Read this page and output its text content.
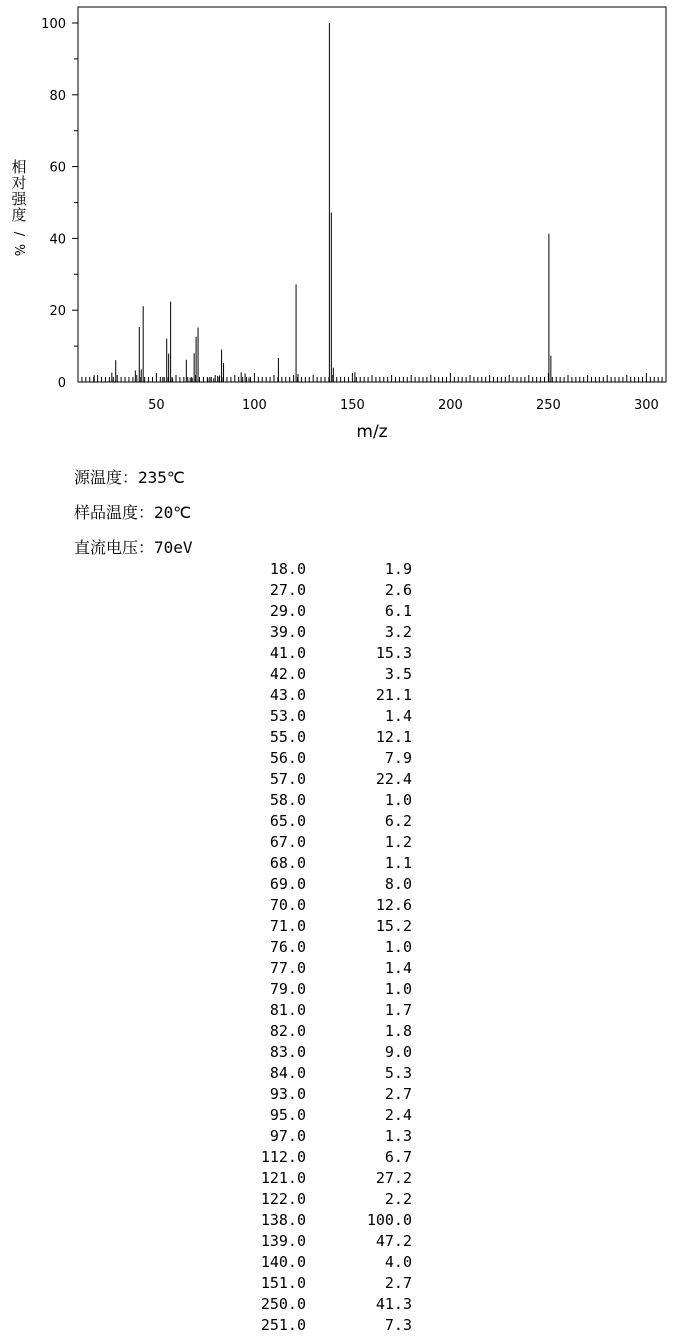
相
对
强
度
/
%
0
20
40
60
80
100
50	100	150	200	250	300
m/z
源温度：235℃
样品温度：20℃
直流电压：70eV
18.0	1.9
27.0	2.6
29.0	6.1
39.0	3.2
41.0	15.3
42.0	3.5
43.0	21.1
53.0	1.4
55.0	12.1
56.0	7.9
57.0	22.4
58.0	1.0
65.0	6.2
67.0	1.2
68.0	1.1
69.0	8.0
70.0	12.6
71.0	15.2
76.0	1.0
77.0	1.4
79.0	1.0
81.0	1.7
82.0	1.8
83.0	9.0
84.0	5.3
93.0	2.7
95.0	2.4
97.0	1.3
112.0	6.7
121.0	27.2
122.0	2.2
138.0	100.0
139.0	47.2
140.0	4.0
151.0	2.7
250.0	41.3
251.0	7.3
